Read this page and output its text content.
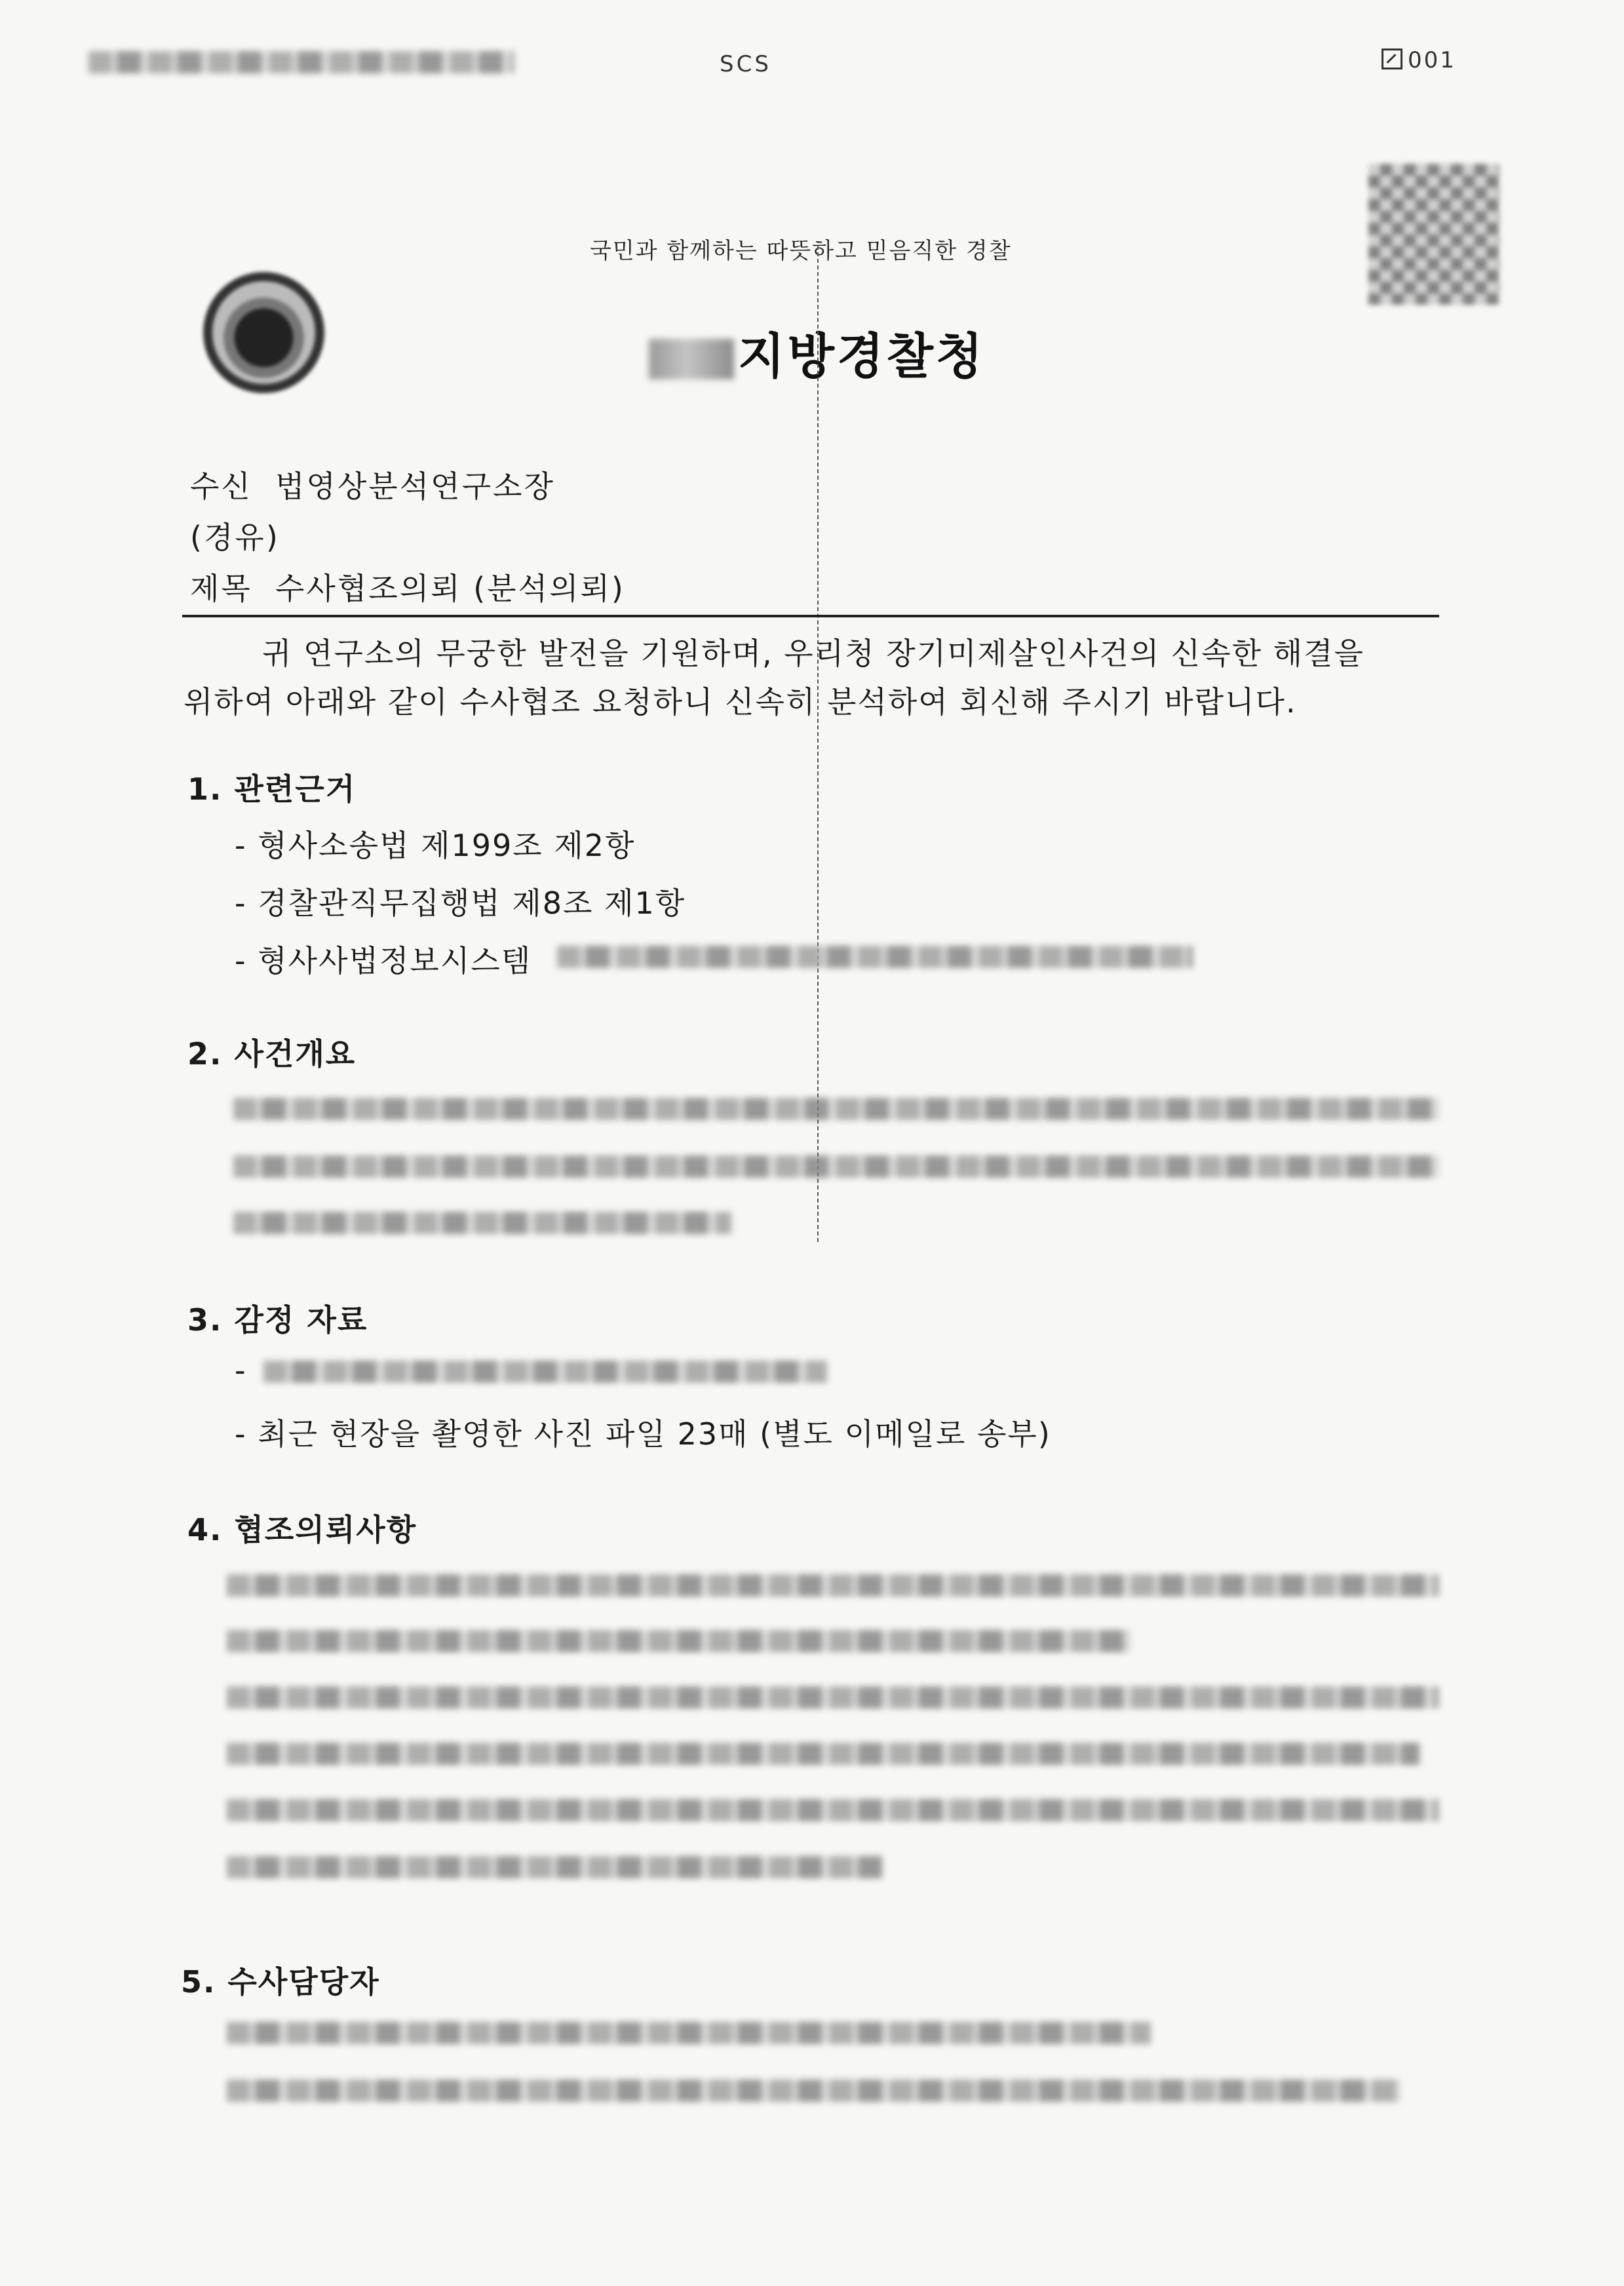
SCS	001
국민과 함께하는 따뜻하고 믿음직한 경찰
지방경찰청
수신 법영상분석연구소장
(경유)
제목 수사협조의뢰 (분석의뢰)

귀 연구소의 무궁한 발전을 기원하며, 우리청 장기미제살인사건의 신속한 해결을

위하여 아래와 같이 수사협조 요청하니 신속히 분석하여 회신해 주시기 바랍니다.

1. 관련근거
- 형사소송법 제199조 제2항
- 경찰관직무집행법 제8조 제1항
- 형사사법정보시스템
2. 사건개요
3. 감정 자료
-
- 최근 현장을 촬영한 사진 파일 23매 (별도 이메일로 송부)
4. 협조의뢰사항
5. 수사담당자
